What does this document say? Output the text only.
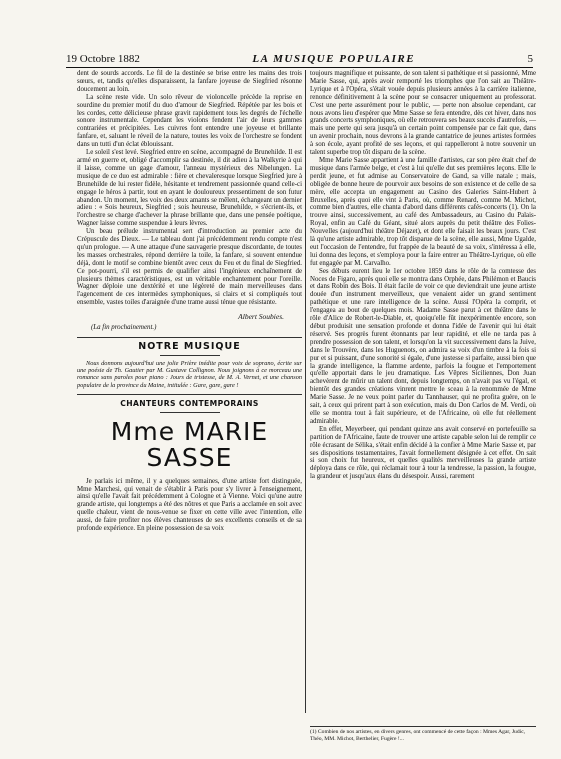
19 Octobre 1882	LA MUSIQUE POPULAIRE	5

dent de sourds accords. Le fil de la destinée se brise entre les mains des trois sœurs, et, tandis qu'elles disparaissent, la fanfare joyeuse de Siegfried résonne doucement au loin.

La scène reste vide. Un solo rêveur de violoncelle précède la reprise en sourdine du premier motif du duo d'amour de Siegfried. Répétée par les bois et les cordes, cette délicieuse phrase gravit rapidement tous les degrés de l'échelle sonore instrumentale. Cependant les violons fendent l'air de leurs gammes contrariées et précipitées. Les cuivres font entendre une joyeuse et brillante fanfare, et, saluant le réveil de la nature, toutes les voix de l'orchestre se fondent dans un tutti d'un éclat éblouissant.

Le soleil s'est levé. Siegfried entre en scène, accompagné de Brunehilde. Il est armé en guerre et, obligé d'accomplir sa destinée, il dit adieu à la Walkyrie à qui il laisse, comme un gage d'amour, l'anneau mystérieux des Nibelungen. La musique de ce duo est admirable : fière et chevaleresque lorsque Siegfried jure à Brunehilde de lui rester fidèle, hésitante et tendrement passionnée quand celle-ci engage le héros à partir, tout en ayant le douloureux pressentiment de son futur abandon. Un moment, les voix des deux amants se mêlent, échangeant un dernier adieu : « Sois heureux, Siegfried ; sois heureuse, Brunehilde, » s'écrient-ils, et l'orchestre se charge d'achever la phrase brillante que, dans une pensée poétique, Wagner laisse comme suspendue à leurs lèvres.

Un beau prélude instrumental sert d'introduction au premier acte du Crépuscule des Dieux. — Le tableau dont j'ai précédemment rendu compte n'est qu'un prologue. — A une attaque d'une sauvagerie presque discordante, de toutes les masses orchestrales, répond derrière la toile, la fanfare, si souvent entendue déjà, dont le motif se combine bientôt avec ceux du Feu et du final de Siegfried. Ce pot-pourri, s'il est permis de qualifier ainsi l'ingénieux enchaînement de plusieurs thèmes caractéristiques, est un véritable enchantement pour l'oreille. Wagner déploie une dextérité et une légèreté de main merveilleuses dans l'agencement de ces intermèdes symphoniques, si clairs et si compliqués tout ensemble, vastes toiles d'araignée d'une trame aussi ténue que résistante.

Albert Soubies.
(La fin prochainement.)
NOTRE MUSIQUE

Nous donnons aujourd'hui une jolie Prière inédite pour voix de soprano, écrite sur une poésie de Th. Gautier par M. Gustave Collignon. Nous joignons à ce morceau une romance sans paroles pour piano : Jours de tristesse, de M. A. Vernet, et une chanson populaire de la province du Maine, intitulée : Gare, gare, gare !

CHANTEURS CONTEMPORAINS
Mme MARIE SASSE

Je parlais ici même, il y a quelques semaines, d'une artiste fort distinguée, Mme Marchesi, qui venait de s'établir à Paris pour s'y livrer à l'enseignement, ainsi qu'elle l'avait fait précédemment à Cologne et à Vienne. Voici qu'une autre grande artiste, qui longtemps a été des nôtres et que Paris a acclamée en soit avec quelle chaleur, vient de nous-venue se fixer en cette ville avec l'intention, elle aussi, de faire profiter nos élèves chanteuses de ses excellents conseils et de sa profonde expérience. En pleine possession de sa voix

toujours magnifique et puissante, de son talent si pathétique et si passionné, Mme Marie Sasse, qui, après avoir remporté les triomphes que l'on sait au Théâtre-Lyrique et à l'Opéra, s'était vouée depuis plusieurs années à la carrière italienne, renonce définitivement à la scène pour se consacrer uniquement au professorat. C'est une perte assurément pour le public, — perte non absolue cependant, car nous avons lieu d'espérer que Mme Sasse se fera entendre, dès cet hiver, dans nos grands concerts symphoniques, où elle retrouvera ses beaux succès d'autrefois, — mais une perte qui sera jusqu'à un certain point compensée par ce fait que, dans un avenir prochain, nous devrons à la grande cantatrice de jeunes artistes formées à son école, ayant profité de ses leçons, et qui rappelleront à notre souvenir un talent superbe trop tôt disparu de la scène.

Mme Marie Sasse appartient à une famille d'artistes, car son père était chef de musique dans l'armée belge, et c'est à lui qu'elle dut ses premières leçons. Elle le perdit jeune, et fut admise au Conservatoire de Gand, sa ville natale ; mais, obligée de bonne heure de pourvoir aux besoins de son existence et de celle de sa mère, elle accepta un engagement au Casino des Galeries Saint-Hubert à Bruxelles, après quoi elle vint à Paris, où, comme Renard, comme M. Michot, comme bien d'autres, elle chanta d'abord dans différents cafés-concerts (1). On la trouve ainsi, successivement, au café des Ambassadeurs, au Casino du Palais-Royal, enfin au Café du Géant, situé alors auprès du petit théâtre des Folies-Nouvelles (aujourd'hui théâtre Déjazet), et dont elle faisait les beaux jours. C'est là qu'une artiste admirable, trop tôt disparue de la scène, elle aussi, Mme Ugalde, eut l'occasion de l'entendre, fut frappée de la beauté de sa voix, s'intéressa à elle, lui donna des leçons, et s'employa pour la faire entrer au Théâtre-Lyrique, où elle fut engagée par M. Carvalho.

Ses débuts eurent lieu le 1er octobre 1859 dans le rôle de la comtesse des Noces de Figaro, après quoi elle se montra dans Orphée, dans Philémon et Baucis et dans Robin des Bois. Il était facile de voir ce que deviendrait une jeune artiste douée d'un instrument merveilleux, que venaient aider un grand sentiment pathétique et une rare intelligence de la scène. Aussi l'Opéra la comprit, et l'engagea au bout de quelques mois. Madame Sasse parut à cet théâtre dans le rôle d'Alice de Robert-le-Diable, et, quoiqu'elle fût inexpérimentée encore, son début produisit une sensation profonde et donna l'idée de l'avenir qui lui était réservé. Ses progrès furent étonnants par leur rapidité, et elle ne tarda pas à prendre possession de son talent, et lorsqu'on la vit successivement dans la Juive, dans le Trouvère, dans les Huguenots, on admira sa voix d'un timbre à la fois si pur et si puissant, d'une sonorité si égale, d'une justesse si parfaite, aussi bien que la grande intelligence, la flamme ardente, parfois la fougue et l'emportement qu'elle apportait dans le jeu dramatique. Les Vêpres Siciliennes, Don Juan achevèrent de mûrir un talent dont, depuis longtemps, on n'avait pas vu l'égal, et bientôt des grandes créations vinrent mettre le sceau à la renommée de Mme Marie Sasse. Je ne veux point parler du Tannhauser, qui ne profita guère, on le sait, à ceux qui prirent part à son exécution, mais du Don Carlos de M. Verdi, où elle se montra tout à fait supérieure, et de l'Africaine, où elle fut réellement admirable.

En effet, Meyerbeer, qui pendant quinze ans avait conservé en portefeuille sa partition de l'Africaine, faute de trouver une artiste capable selon lui de remplir ce rôle écrasant de Sélika, s'était enfin décidé à la confier à Mme Marie Sasse et, par ses dispositions testamentaires, l'avait formellement désignée à cet effet. On sait si son choix fut heureux, et quelles qualités merveilleuses la grande artiste déploya dans ce rôle, qui réclamait tour à tour la tendresse, la passion, la fougue, la grandeur et jusqu'aux élans du désespoir. Aussi, rarement

(1) Combien de nos artistes, en divers genres, ont commencé de cette façon : Mmes Agar, Judic, Théo, MM. Michot, Berthelier, Fugère !...
